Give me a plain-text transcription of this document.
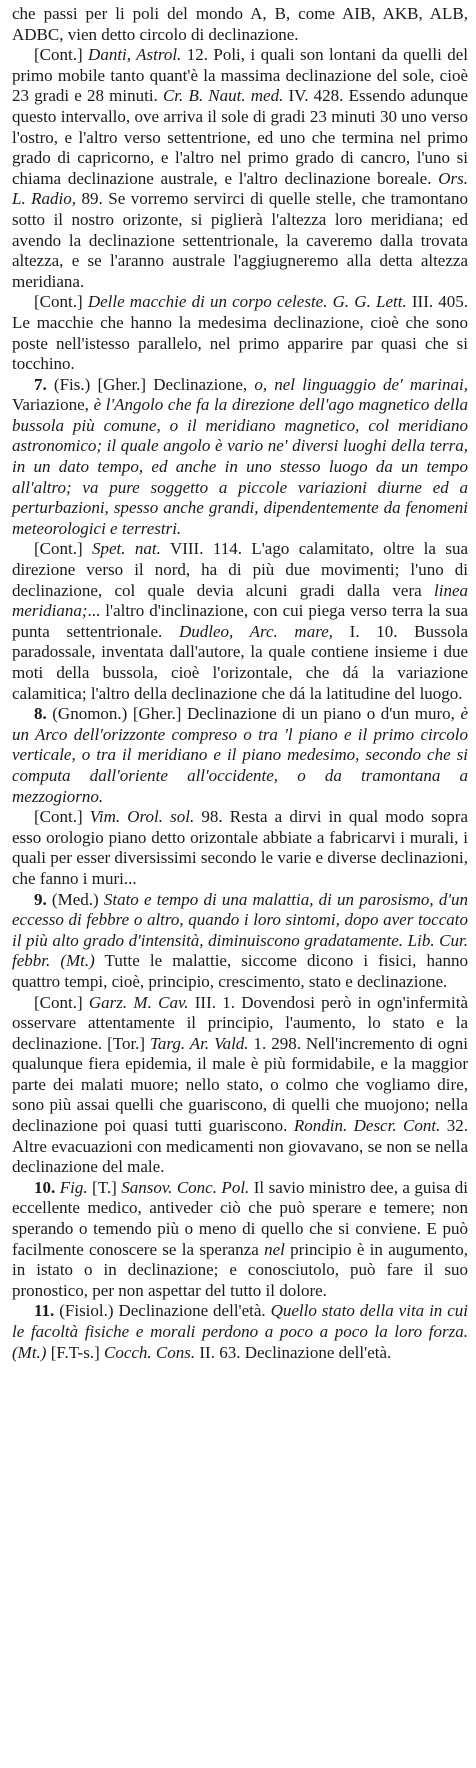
che passi per li poli del mondo A, B, come AIB, AKB, ALB, ADBC, vien detto circolo di declinazione.

[Cont.] Danti, Astrol. 12. Poli, i quali son lontani da quelli del primo mobile tanto quant'è la massima declinazione del sole, cioè 23 gradi e 28 minuti. Cr. B. Naut. med. IV. 428. Essendo adunque questo intervallo, ove arriva il sole di gradi 23 minuti 30 uno verso l'ostro, e l'altro verso settentrione, ed uno che termina nel primo grado di capricorno, e l'altro nel primo grado di cancro, l'uno si chiama declinazione australe, e l'altro declinazione boreale. Ors. L. Radio, 89. Se vorremo servirci di quelle stelle, che tramontano sotto il nostro orizonte, si piglierà l'altezza loro meridiana; ed avendo la declinazione settentrionale, la caveremo dalla trovata altezza, e se l'aranno australe l'aggiugneremo alla detta altezza meridiana.

[Cont.] Delle macchie di un corpo celeste. G. G. Lett. III. 405. Le macchie che hanno la medesima declinazione, cioè che sono poste nell'istesso parallelo, nel primo apparire par quasi che si tocchino.

7. (Fis.) [Gher.] Declinazione, o, nel linguaggio de' marinai, Variazione, è l'Angolo che fa la direzione dell'ago magnetico della bussola più comune, o il meridiano magnetico, col meridiano astronomico; il quale angolo è vario ne' diversi luoghi della terra, in un dato tempo, ed anche in uno stesso luogo da un tempo all'altro; va pure soggetto a piccole variazioni diurne ed a perturbazioni, spesso anche grandi, dipendentemente da fenomeni meteorologici e terrestri.

[Cont.] Spet. nat. VIII. 114. L'ago calamitato, oltre la sua direzione verso il nord, ha di più due movimenti; l'uno di declinazione, col quale devia alcuni gradi dalla vera linea meridiana;... l'altro d'inclinazione, con cui piega verso terra la sua punta settentrionale. Dudleo, Arc. mare, I. 10. Bussola paradossale, inventata dall'autore, la quale contiene insieme i due moti della bussola, cioè l'orizontale, che dá la variazione calamitica; l'altro della declinazione che dá la latitudine del luogo.

8. (Gnomon.) [Gher.] Declinazione di un piano o d'un muro, è un Arco dell'orizzonte compreso o tra 'l piano e il primo circolo verticale, o tra il meridiano e il piano medesimo, secondo che si computa dall'oriente all'occidente, o da tramontana a mezzogiorno.

[Cont.] Vim. Orol. sol. 98. Resta a dirvi in qual modo sopra esso orologio piano detto orizontale abbiate a fabricarvi i murali, i quali per esser diversissimi secondo le varie e diverse declinazioni, che fanno i muri...

9. (Med.) Stato e tempo di una malattia, di un parosismo, d'un eccesso di febbre o altro, quando i loro sintomi, dopo aver toccato il più alto grado d'intensità, diminuiscono gradatamente. Lib. Cur. febbr. (Mt.) Tutte le malattie, siccome dicono i fisici, hanno quattro tempi, cioè, principio, crescimento, stato e declinazione.

[Cont.] Garz. M. Cav. III. 1. Dovendosi però in ogn'infermità osservare attentamente il principio, l'aumento, lo stato e la declinazione. [Tor.] Targ. Ar. Vald. 1. 298. Nell'incremento di ogni qualunque fiera epidemia, il male è più formidabile, e la maggior parte dei malati muore; nello stato, o colmo che vogliamo dire, sono più assai quelli che guariscono, di quelli che muojono; nella declinazione poi quasi tutti guariscono. Rondin. Descr. Cont. 32. Altre evacuazioni con medicamenti non giovavano, se non se nella declinazione del male.

10. Fig. [T.] Sansov. Conc. Pol. Il savio ministro dee, a guisa di eccellente medico, antiveder ciò che può sperare e temere; non sperando o temendo più o meno di quello che si conviene. E può facilmente conoscere se la speranza nel principio è in augumento, in istato o in declinazione; e conosciutolo, può fare il suo pronostico, per non aspettar del tutto il dolore.

11. (Fisiol.) Declinazione dell'età. Quello stato della vita in cui le facoltà fisiche e morali perdono a poco a poco la loro forza. (Mt.) [F.T-s.] Cocch. Cons. II. 63. Declinazione dell'età.
